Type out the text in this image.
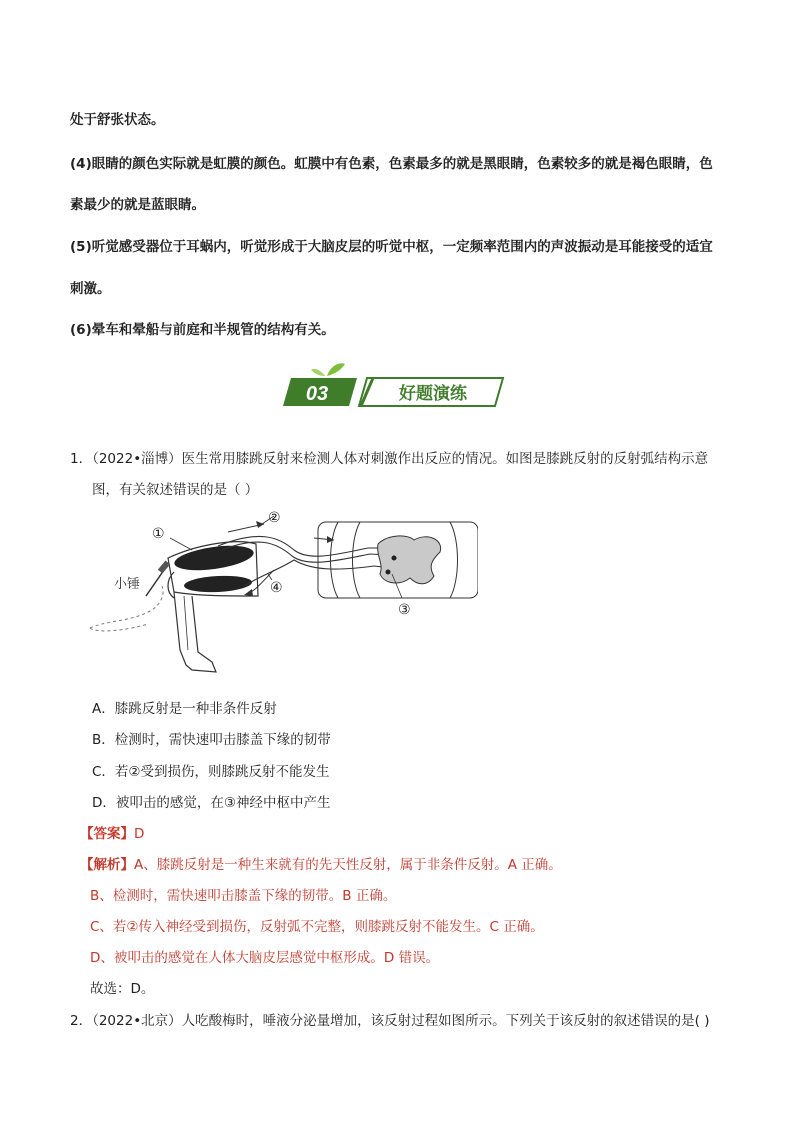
处于舒张状态。

(4)眼睛的颜色实际就是虹膜的颜色。虹膜中有色素，色素最多的就是黑眼睛，色素较多的就是褐色眼睛，色

素最少的就是蓝眼睛。

(5)听觉感受器位于耳蜗内，听觉形成于大脑皮层的听觉中枢，一定频率范围内的声波振动是耳能接受的适宜

刺激。

(6)晕车和晕船与前庭和半规管的结构有关。

03	好题演练

1．（2022•淄博）医生常用膝跳反射来检测人体对刺激作出反应的情况。如图是膝跳反射的反射弧结构示意

图，有关叙述错误的是（ ）

小锤
①
②
③
④

A．膝跳反射是一种非条件反射

B．检测时，需快速叩击膝盖下缘的韧带

C．若②受到损伤，则膝跳反射不能发生

D．被叩击的感觉，在③神经中枢中产生

【答案】D

【解析】A、膝跳反射是一种生来就有的先天性反射，属于非条件反射。A 正确。

B、检测时，需快速叩击膝盖下缘的韧带。B 正确。

C、若②传入神经受到损伤，反射弧不完整，则膝跳反射不能发生。C 正确。

D、被叩击的感觉在人体大脑皮层感觉中枢形成。D 错误。

故选：D。

2．（2022•北京）人吃酸梅时，唾液分泌量增加，该反射过程如图所示。下列关于该反射的叙述错误的是( )
